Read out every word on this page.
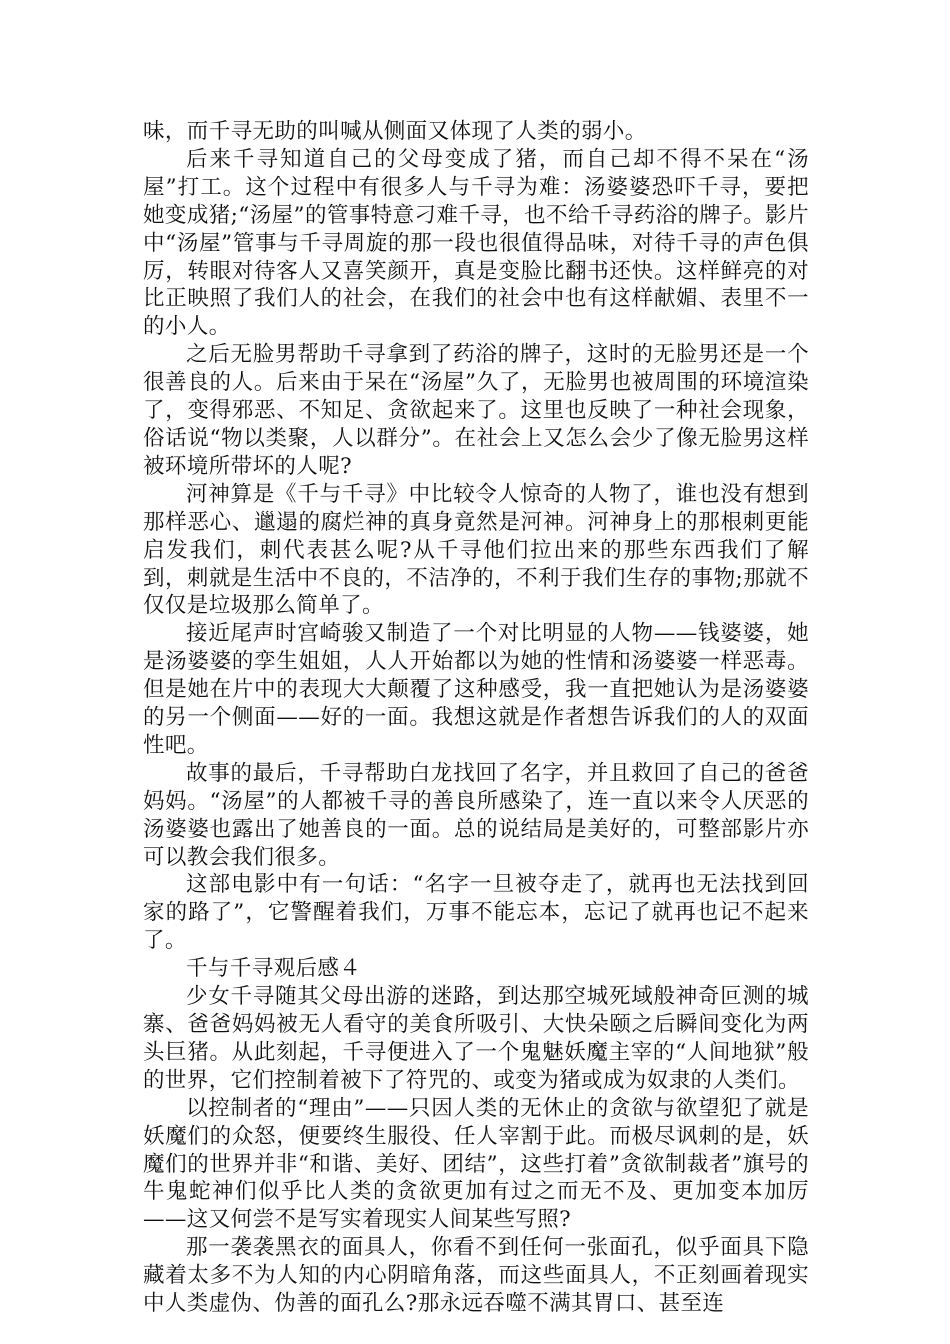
味，而千寻无助的叫喊从侧面又体现了人类的弱小。

后来千寻知道自己的父母变成了猪，而自己却不得不呆在“汤屋”打工。这个过程中有很多人与千寻为难：汤婆婆恐吓千寻，要把她变成猪;“汤屋”的管事特意刁难千寻，也不给千寻药浴的牌子。影片中“汤屋”管事与千寻周旋的那一段也很值得品味，对待千寻的声色俱厉，转眼对待客人又喜笑颜开，真是变脸比翻书还快。这样鲜亮的对比正映照了我们人的社会，在我们的社会中也有这样献媚、表里不一的小人。

之后无脸男帮助千寻拿到了药浴的牌子，这时的无脸男还是一个很善良的人。后来由于呆在“汤屋”久了，无脸男也被周围的环境渲染了，变得邪恶、不知足、贪欲起来了。这里也反映了一种社会现象，俗话说“物以类聚，人以群分”。在社会上又怎么会少了像无脸男这样被环境所带坏的人呢?

河神算是《千与千寻》中比较令人惊奇的人物了，谁也没有想到那样恶心、邋遢的腐烂神的真身竟然是河神。河神身上的那根刺更能启发我们，刺代表甚么呢?从千寻他们拉出来的那些东西我们了解到，刺就是生活中不良的，不洁净的，不利于我们生存的事物;那就不仅仅是垃圾那么简单了。

接近尾声时宫崎骏又制造了一个对比明显的人物——钱婆婆，她是汤婆婆的孪生姐姐，人人开始都以为她的性情和汤婆婆一样恶毒。但是她在片中的表现大大颠覆了这种感受，我一直把她认为是汤婆婆的另一个侧面——好的一面。我想这就是作者想告诉我们的人的双面性吧。

故事的最后，千寻帮助白龙找回了名字，并且救回了自己的爸爸妈妈。“汤屋”的人都被千寻的善良所感染了，连一直以来令人厌恶的汤婆婆也露出了她善良的一面。总的说结局是美好的，可整部影片亦可以教会我们很多。

这部电影中有一句话：“名字一旦被夺走了，就再也无法找到回家的路了”，它警醒着我们，万事不能忘本，忘记了就再也记不起来了。

千与千寻观后感４

少女千寻随其父母出游的迷路，到达那空城死域般神奇叵测的城寨、爸爸妈妈被无人看守的美食所吸引、大快朵颐之后瞬间变化为两头巨猪。从此刻起，千寻便进入了一个鬼魅妖魔主宰的“人间地狱”般的世界，它们控制着被下了符咒的、或变为猪或成为奴隶的人类们。

以控制者的“理由”——只因人类的无休止的贪欲与欲望犯了就是妖魔们的众怒，便要终生服役、任人宰割于此。而极尽讽刺的是，妖魔们的世界并非“和谐、美好、团结”，这些打着”贪欲制裁者”旗号的牛鬼蛇神们似乎比人类的贪欲更加有过之而无不及、更加变本加厉——这又何尝不是写实着现实人间某些写照?

那一袭袭黑衣的面具人，你看不到任何一张面孔，似乎面具下隐藏着太多不为人知的内心阴暗角落，而这些面具人，不正刻画着现实中人类虚伪、伪善的面孔么?那永远吞噬不满其胃口、甚至连
